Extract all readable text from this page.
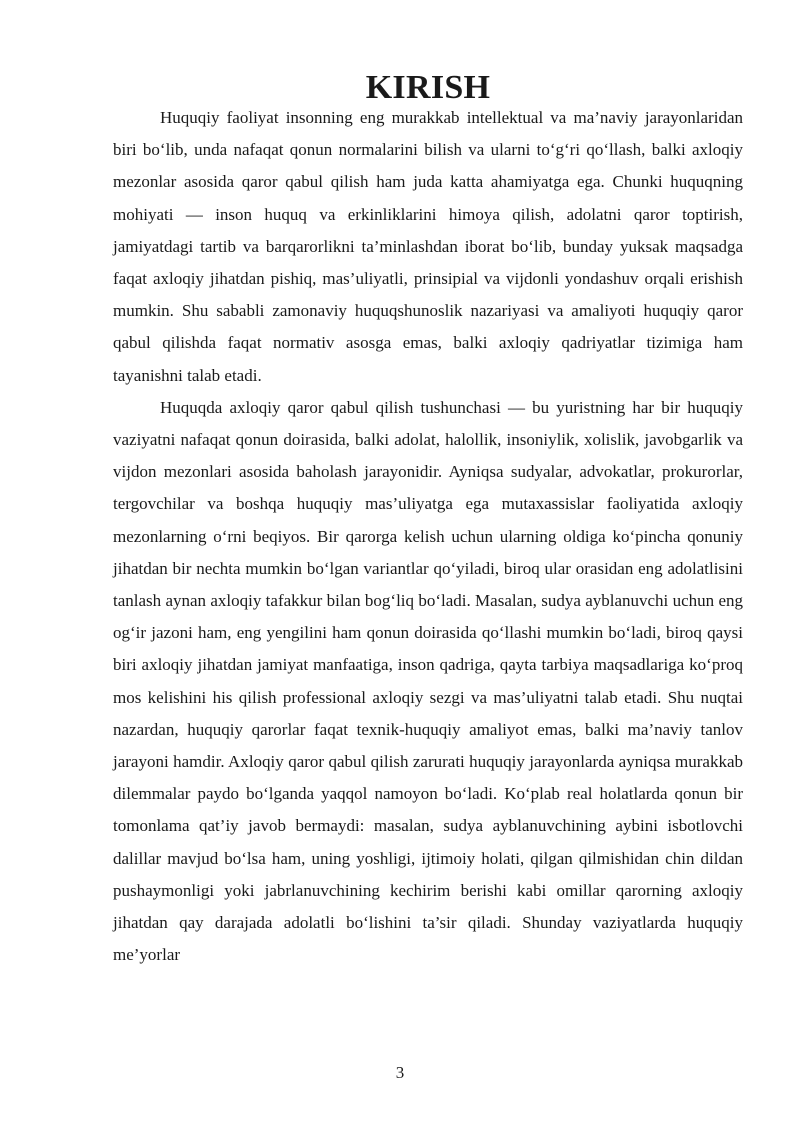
KIRISH

Huquqiy faoliyat insonning eng murakkab intellektual va ma’naviy jarayonlaridan biri bo‘lib, unda nafaqat qonun normalarini bilish va ularni to‘g‘ri qo‘llash, balki axloqiy mezonlar asosida qaror qabul qilish ham juda katta ahamiyatga ega. Chunki huquqning mohiyati — inson huquq va erkinliklarini himoya qilish, adolatni qaror toptirish, jamiyatdagi tartib va barqarorlikni ta’minlashdan iborat bo‘lib, bunday yuksak maqsadga faqat axloqiy jihatdan pishiq, mas’uliyatli, prinsipial va vijdonli yondashuv orqali erishish mumkin. Shu sababli zamonaviy huquqshunoslik nazariyasi va amaliyoti huquqiy qaror qabul qilishda faqat normativ asosga emas, balki axloqiy qadriyatlar tizimiga ham tayanishni talab etadi.

Huquqda axloqiy qaror qabul qilish tushunchasi — bu yuristning har bir huquqiy vaziyatni nafaqat qonun doirasida, balki adolat, halollik, insoniylik, xolislik, javobgarlik va vijdon mezonlari asosida baholash jarayonidir. Ayniqsa sudyalar, advokatlar, prokurorlar, tergovchilar va boshqa huquqiy mas’uliyatga ega mutaxassislar faoliyatida axloqiy mezonlarning o‘rni beqiyos. Bir qarorga kelish uchun ularning oldiga ko‘pincha qonuniy jihatdan bir nechta mumkin bo‘lgan variantlar qo‘yiladi, biroq ular orasidan eng adolatlisini tanlash aynan axloqiy tafakkur bilan bog‘liq bo‘ladi. Masalan, sudya ayblanuvchi uchun eng og‘ir jazoni ham, eng yengilini ham qonun doirasida qo‘llashi mumkin bo‘ladi, biroq qaysi biri axloqiy jihatdan jamiyat manfaatiga, inson qadriga, qayta tarbiya maqsadlariga ko‘proq mos kelishini his qilish professional axloqiy sezgi va mas’uliyatni talab etadi. Shu nuqtai nazardan, huquqiy qarorlar faqat texnik-huquqiy amaliyot emas, balki ma’naviy tanlov jarayoni hamdir. Axloqiy qaror qabul qilish zarurati huquqiy jarayonlarda ayniqsa murakkab dilemmalar paydo bo‘lganda yaqqol namoyon bo‘ladi. Ko‘plab real holatlarda qonun bir tomonlama qat’iy javob bermaydi: masalan, sudya ayblanuvchining aybini isbotlovchi dalillar mavjud bo‘lsa ham, uning yoshligi, ijtimoiy holati, qilgan qilmishidan chin dildan pushaymonligi yoki jabrlanuvchining kechirim berishi kabi omillar qarorning axloqiy jihatdan qay darajada adolatli bo‘lishini ta’sir qiladi. Shunday vaziyatlarda huquqiy me’yorlar

3
